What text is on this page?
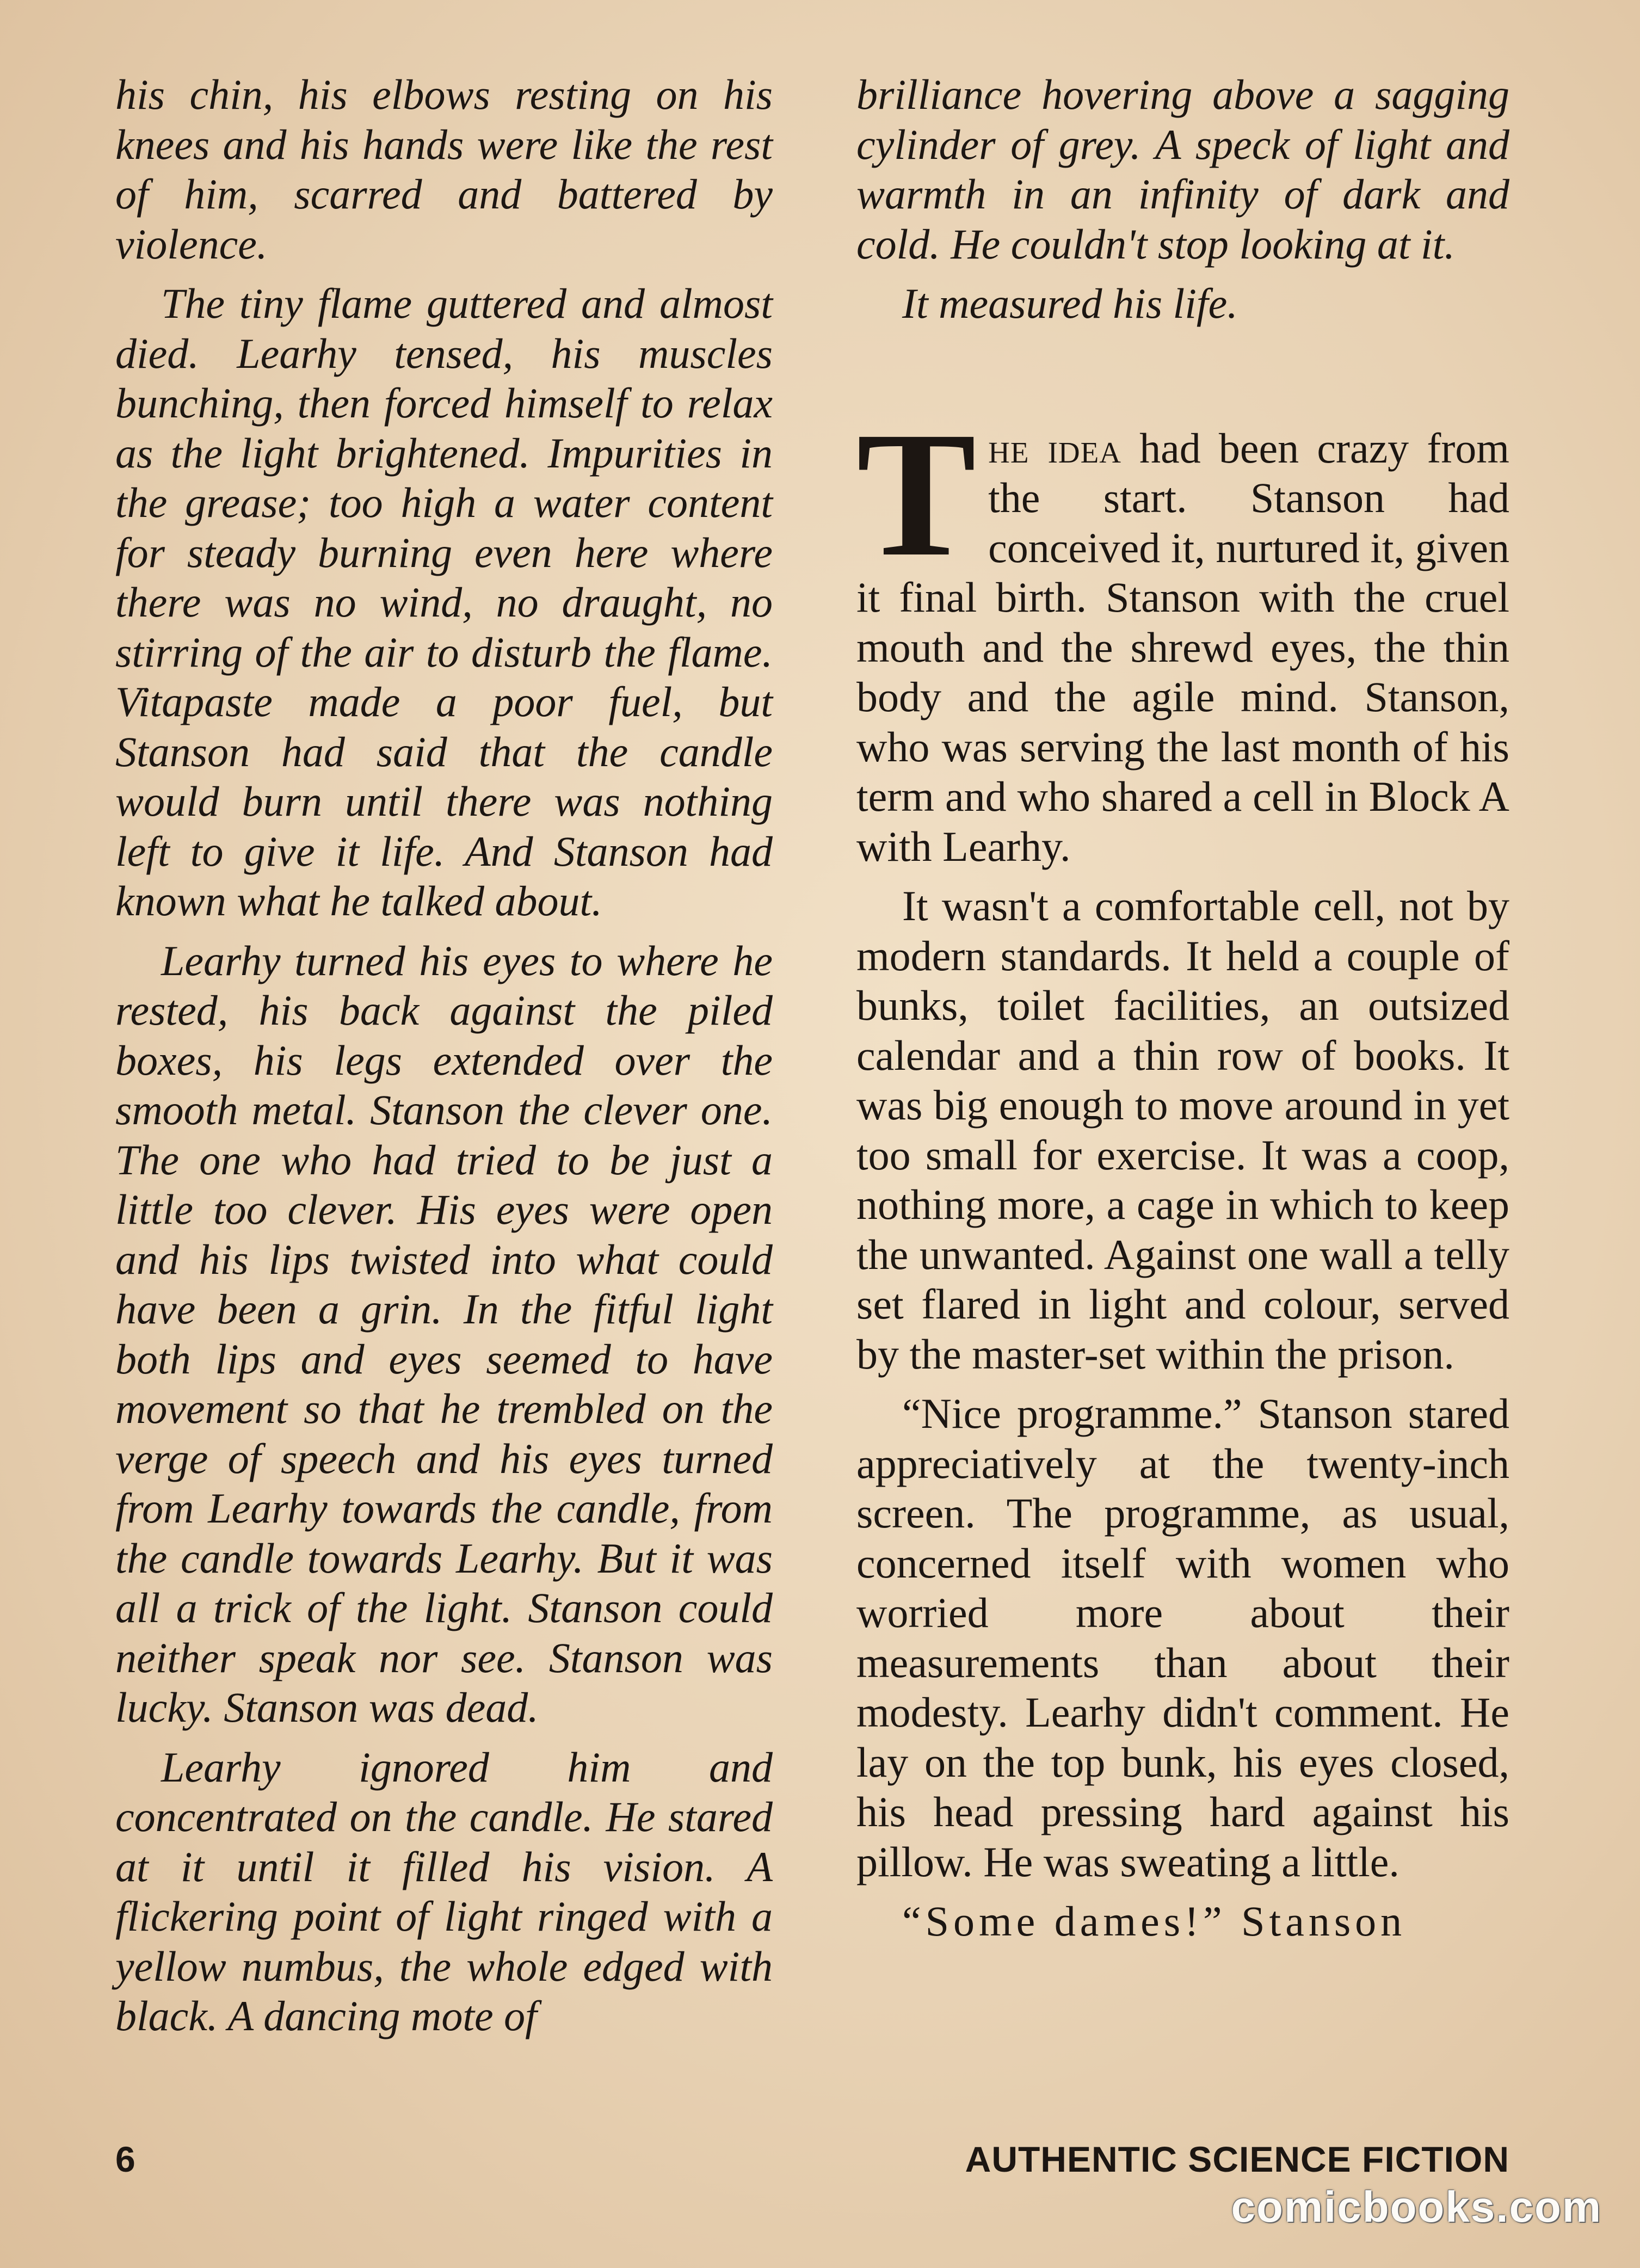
his chin, his elbows resting on his knees and his hands were like the rest of him, scarred and battered by violence.

The tiny flame guttered and almost died. Learhy tensed, his muscles bunching, then forced himself to relax as the light brightened. Impurities in the grease; too high a water content for steady burning even here where there was no wind, no draught, no stirring of the air to disturb the flame. Vitapaste made a poor fuel, but Stanson had said that the candle would burn until there was nothing left to give it life. And Stanson had known what he talked about.

Learhy turned his eyes to where he rested, his back against the piled boxes, his legs extended over the smooth metal. Stanson the clever one. The one who had tried to be just a little too clever. His eyes were open and his lips twisted into what could have been a grin. In the fitful light both lips and eyes seemed to have movement so that he trembled on the verge of speech and his eyes turned from Learhy towards the candle, from the candle towards Learhy. But it was all a trick of the light. Stanson could neither speak nor see. Stanson was lucky. Stanson was dead.

Learhy ignored him and concentrated on the candle. He stared at it until it filled his vision. A flickering point of light ringed with a yellow numbus, the whole edged with black. A dancing mote of

brilliance hovering above a sagging cylinder of grey. A speck of light and warmth in an infinity of dark and cold. He couldn't stop looking at it.

It measured his life.

The idea had been crazy from the start. Stanson had conceived it, nurtured it, given it final birth. Stanson with the cruel mouth and the shrewd eyes, the thin body and the agile mind. Stanson, who was serving the last month of his term and who shared a cell in Block A with Learhy.

It wasn't a comfortable cell, not by modern standards. It held a couple of bunks, toilet facilities, an outsized calendar and a thin row of books. It was big enough to move around in yet too small for exercise. It was a coop, nothing more, a cage in which to keep the unwanted. Against one wall a telly set flared in light and colour, served by the master-set within the prison.

“Nice programme.” Stanson stared appreciatively at the twenty-inch screen. The programme, as usual, concerned itself with women who worried more about their measurements than about their modesty. Learhy didn't comment. He lay on the top bunk, his eyes closed, his head pressing hard against his pillow. He was sweating a little.

“Some dames!” Stanson

6	AUTHENTIC SCIENCE FICTION
comicbooks.com
